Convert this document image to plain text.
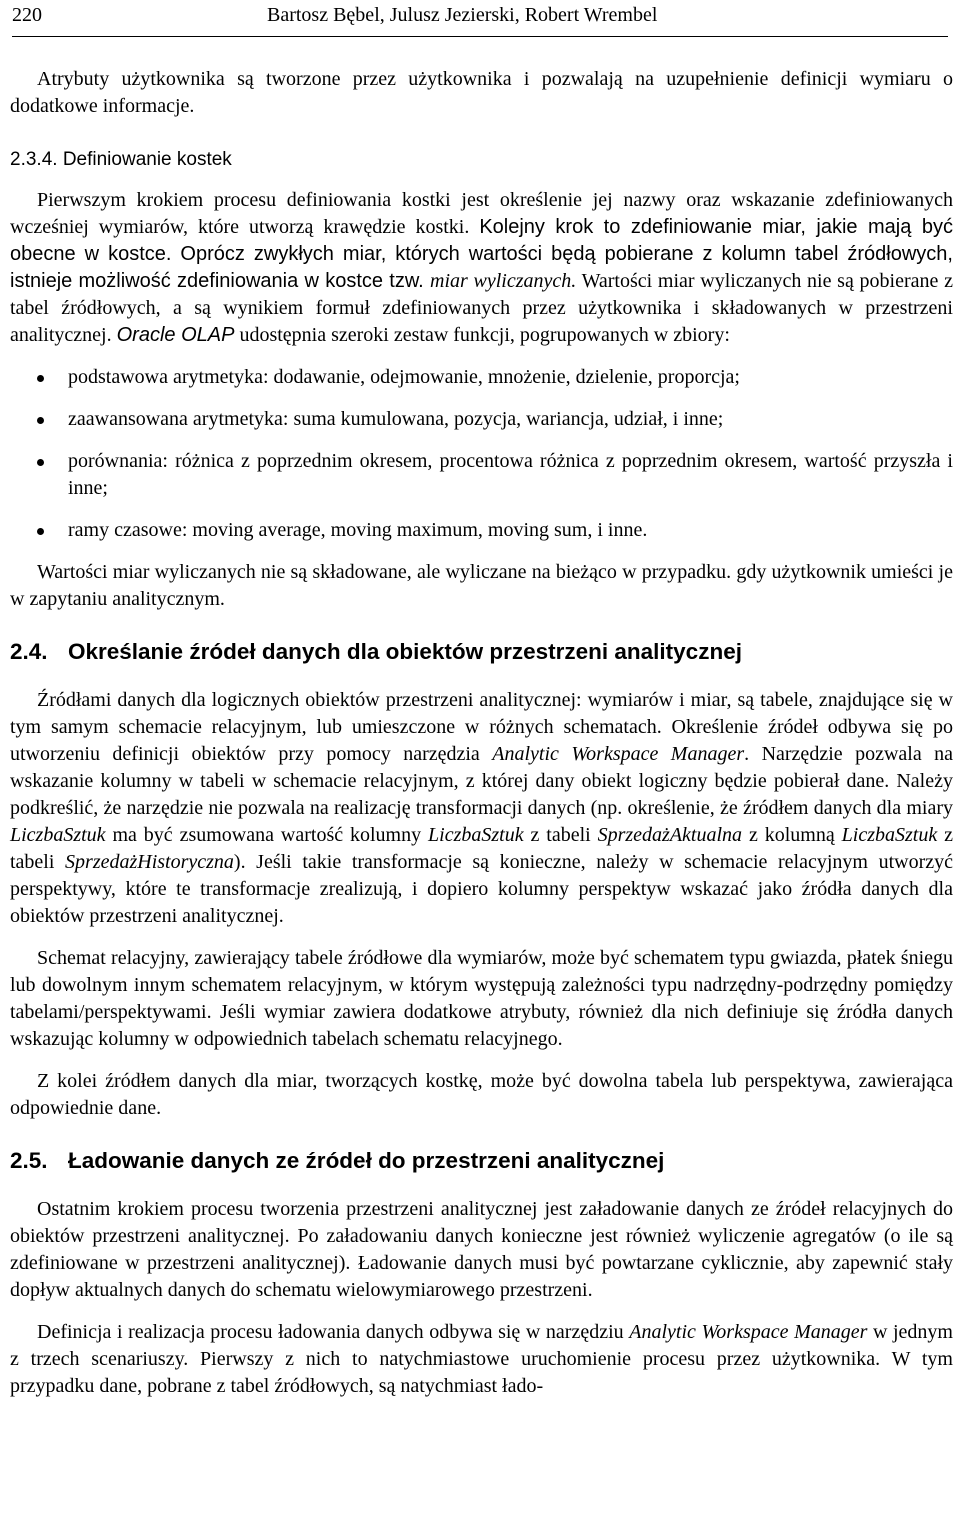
220	Bartosz Bębel, Julusz Jezierski, Robert Wrembel

Atrybuty użytkownika są tworzone przez użytkownika i pozwalają na uzupełnienie definicji wymiaru o dodatkowe informacje.

2.3.4. Definiowanie kostek

Pierwszym krokiem procesu definiowania kostki jest określenie jej nazwy oraz wskazanie zdefiniowanych wcześniej wymiarów, które utworzą krawędzie kostki. Kolejny krok to zdefiniowanie miar, jakie mają być obecne w kostce. Oprócz zwykłych miar, których wartości będą pobierane z kolumn tabel źródłowych, istnieje możliwość zdefiniowania w kostce tzw. miar wyliczanych. Wartości miar wyliczanych nie są pobierane z tabel źródłowych, a są wynikiem formuł zdefiniowanych przez użytkownika i składowanych w przestrzeni analitycznej. Oracle OLAP udostępnia szeroki zestaw funkcji, pogrupowanych w zbiory:

podstawowa arytmetyka: dodawanie, odejmowanie, mnożenie, dzielenie, proporcja;
zaawansowana arytmetyka: suma kumulowana, pozycja, wariancja, udział, i inne;
porównania: różnica z poprzednim okresem, procentowa różnica z poprzednim okresem, wartość przyszła i inne;
ramy czasowe: moving average, moving maximum, moving sum, i inne.

Wartości miar wyliczanych nie są składowane, ale wyliczane na bieżąco w przypadku. gdy użytkownik umieści je w zapytaniu analitycznym.

2.4. Określanie źródeł danych dla obiektów przestrzeni analitycznej

Źródłami danych dla logicznych obiektów przestrzeni analitycznej: wymiarów i miar, są tabele, znajdujące się w tym samym schemacie relacyjnym, lub umieszczone w różnych schematach. Określenie źródeł odbywa się po utworzeniu definicji obiektów przy pomocy narzędzia Analytic Workspace Manager. Narzędzie pozwala na wskazanie kolumny w tabeli w schemacie relacyjnym, z której dany obiekt logiczny będzie pobierał dane. Należy podkreślić, że narzędzie nie pozwala na realizację transformacji danych (np. określenie, że źródłem danych dla miary LiczbaSztuk ma być zsumowana wartość kolumny LiczbaSztuk z tabeli SprzedażAktualna z kolumną LiczbaSztuk z tabeli SprzedażHistoryczna). Jeśli takie transformacje są konieczne, należy w schemacie relacyjnym utworzyć perspektywy, które te transformacje zrealizują, i dopiero kolumny perspektyw wskazać jako źródła danych dla obiektów przestrzeni analitycznej.

Schemat relacyjny, zawierający tabele źródłowe dla wymiarów, może być schematem typu gwiazda, płatek śniegu lub dowolnym innym schematem relacyjnym, w którym występują zależności typu nadrzędny-podrzędny pomiędzy tabelami/perspektywami. Jeśli wymiar zawiera dodatkowe atrybuty, również dla nich definiuje się źródła danych wskazując kolumny w odpowiednich tabelach schematu relacyjnego.

Z kolei źródłem danych dla miar, tworzących kostkę, może być dowolna tabela lub perspektywa, zawierająca odpowiednie dane.

2.5. Ładowanie danych ze źródeł do przestrzeni analitycznej

Ostatnim krokiem procesu tworzenia przestrzeni analitycznej jest załadowanie danych ze źródeł relacyjnych do obiektów przestrzeni analitycznej. Po załadowaniu danych konieczne jest również wyliczenie agregatów (o ile są zdefiniowane w przestrzeni analitycznej). Ładowanie danych musi być powtarzane cyklicznie, aby zapewnić stały dopływ aktualnych danych do schematu wielowymiarowego przestrzeni.

Definicja i realizacja procesu ładowania danych odbywa się w narzędziu Analytic Workspace Manager w jednym z trzech scenariuszy. Pierwszy z nich to natychmiastowe uruchomienie procesu przez użytkownika. W tym przypadku dane, pobrane z tabel źródłowych, są natychmiast łado-
